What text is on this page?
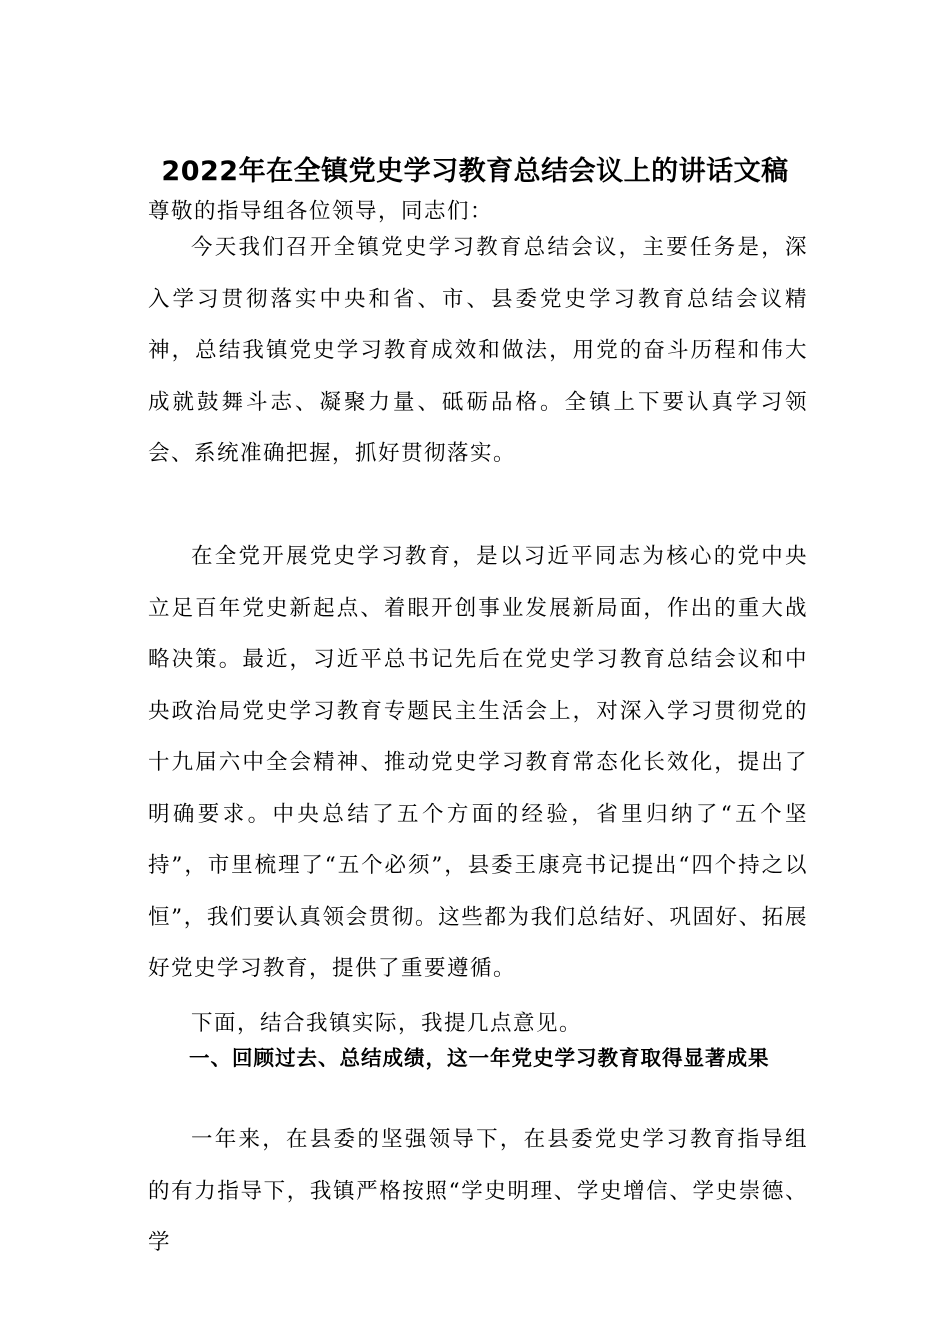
2022年在全镇党史学习教育总结会议上的讲话文稿
尊敬的指导组各位领导，同志们：
今天我们召开全镇党史学习教育总结会议，主要任务是，深入学习贯彻落实中央和省、市、县委党史学习教育总结会议精神，总结我镇党史学习教育成效和做法，用党的奋斗历程和伟大成就鼓舞斗志、凝聚力量、砥砺品格。全镇上下要认真学习领会、系统准确把握，抓好贯彻落实。
在全党开展党史学习教育，是以习近平同志为核心的党中央立足百年党史新起点、着眼开创事业发展新局面，作出的重大战略决策。最近，习近平总书记先后在党史学习教育总结会议和中央政治局党史学习教育专题民主生活会上，对深入学习贯彻党的十九届六中全会精神、推动党史学习教育常态化长效化，提出了明确要求。中央总结了五个方面的经验，省里归纳了“五个坚持”，市里梳理了“五个必须”，县委王康亮书记提出“四个持之以恒”，我们要认真领会贯彻。这些都为我们总结好、巩固好、拓展好党史学习教育，提供了重要遵循。
下面，结合我镇实际，我提几点意见。
一、回顾过去、总结成绩，这一年党史学习教育取得显著成果
一年来，在县委的坚强领导下，在县委党史学习教育指导组的有力指导下，我镇严格按照“学史明理、学史增信、学史崇德、学
